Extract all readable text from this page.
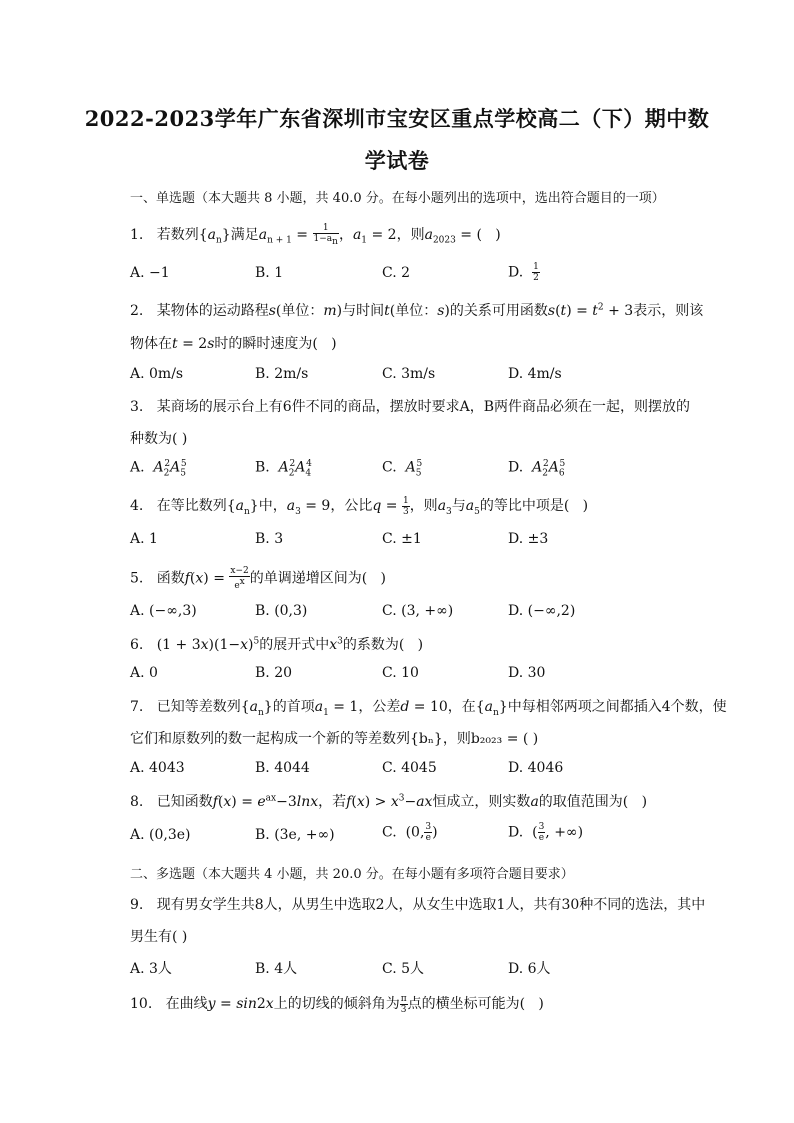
2022-2023学年广东省深圳市宝安区重点学校高二（下）期中数
学试卷
一、单选题（本大题共 8 小题，共 40.0 分。在每小题列出的选项中，选出符合题目的一项）
1.   若数列$\{a_n\}$满足$a_{n + 1} = \frac{1}{1-a_n}$ ，$a_1 = 2$，则$a_{2023}$ = (   )
A. −1	B. 1	C. 2	D. $\frac{1}{2}$
2. 某物体的运动路程s(单位：m)与时间t(单位：s)的关系可用函数$s(t) = t^2 + 3$表示，则该
物体在t = 2s时的瞬时速度为(   )
A. 0m/s	B. 2m/s	C. 3m/s	D. 4m/s
3. 某商场的展示台上有6件不同的商品，摆放时要求A，B两件商品必须在一起，则摆放的
种数为( )
A. $A_2^2A_5^5$	B. $A_2^2A_4^4$	C. $A_5^5$	D. $A_2^2A_6^5$
4.   在等比数列$\{a_n\}$中，$a_3 = 9$，公比$q = \frac{1}{3}$ ，则$a_3$与$a_5$的等比中项是(   )
A. 1	B. 3	C. ±1	D. ±3
5.   函数$f(x) = \frac{x-2}{e^x}$ 的单调递增区间为(   )
A. (−∞,3)	B. (0,3)	C. (3, +∞)	D. (−∞,2)
6.   $(1 + 3x)(1-x)^5$的展开式中$x^3$的系数为(   )
A. 0	B. 20	C. 10	D. 30
7.   已知等差数列$\{a_n\}$的首项$a_1 = 1$，公差d = 10，在$\{a_n\}$中每相邻两项之间都插入4个数，使
它们和原数列的数一起构成一个新的等差数列{bₙ}，则b₂₀₂₃ = ( )
A. 4043	B. 4044	C. 4045	D. 4046
8.   已知函数$f(x) = e^{ax}-3\ln x$，若$f(x) > x^3-ax$恒成立，则实数a的取值范围为(   )
A. (0,3e)	B. (3e, +∞)	C.  (0, $\frac{3}{e}$ )	D.  ( $\frac{3}{e}$ , +∞)
二、多选题（本大题共 4 小题，共 20.0 分。在每小题有多项符合题目要求）
9. 现有男女学生共8人，从男生中选取2人，从女生中选取1人，共有30种不同的选法，其中
男生有( )
A. 3人	B. 4人	C. 5人	D. 6人
10.   在曲线y = sin2x上的切线的倾斜角为 $\frac{\pi}{3}$ 点的横坐标可能为(   )
